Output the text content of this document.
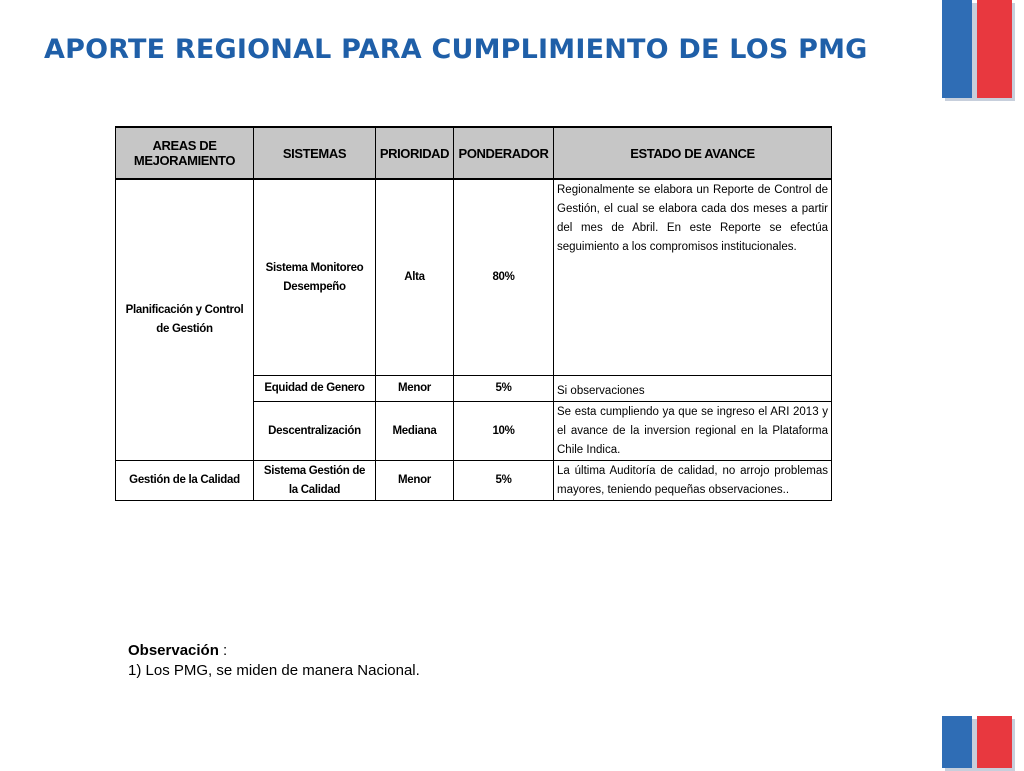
APORTE REGIONAL PARA CUMPLIMIENTO DE LOS PMG
AREAS DE MEJORAMIENTO	SISTEMAS	PRIORIDAD	PONDERADOR	ESTADO DE AVANCE
Planificación y Control de Gestión	Sistema Monitoreo Desempeño	Alta	80%	Regionalmente se elabora un Reporte de Control de Gestión, el cual se elabora cada dos meses a partir del mes de Abril. En este Reporte se efectúa seguimiento a los compromisos institucionales.

	Equidad de Genero	Menor	5%	Si observaciones

	Descentralización	Mediana	10%	Se esta cumpliendo ya que se ingreso el ARI 2013 y el avance de la inversion regional en la Plataforma Chile Indica.

Gestión de la Calidad	Sistema Gestión de la Calidad	Menor	5%	La última Auditoría de calidad, no arrojo problemas mayores, teniendo pequeñas observaciones..
Observación :
1) Los PMG, se miden de manera Nacional.
